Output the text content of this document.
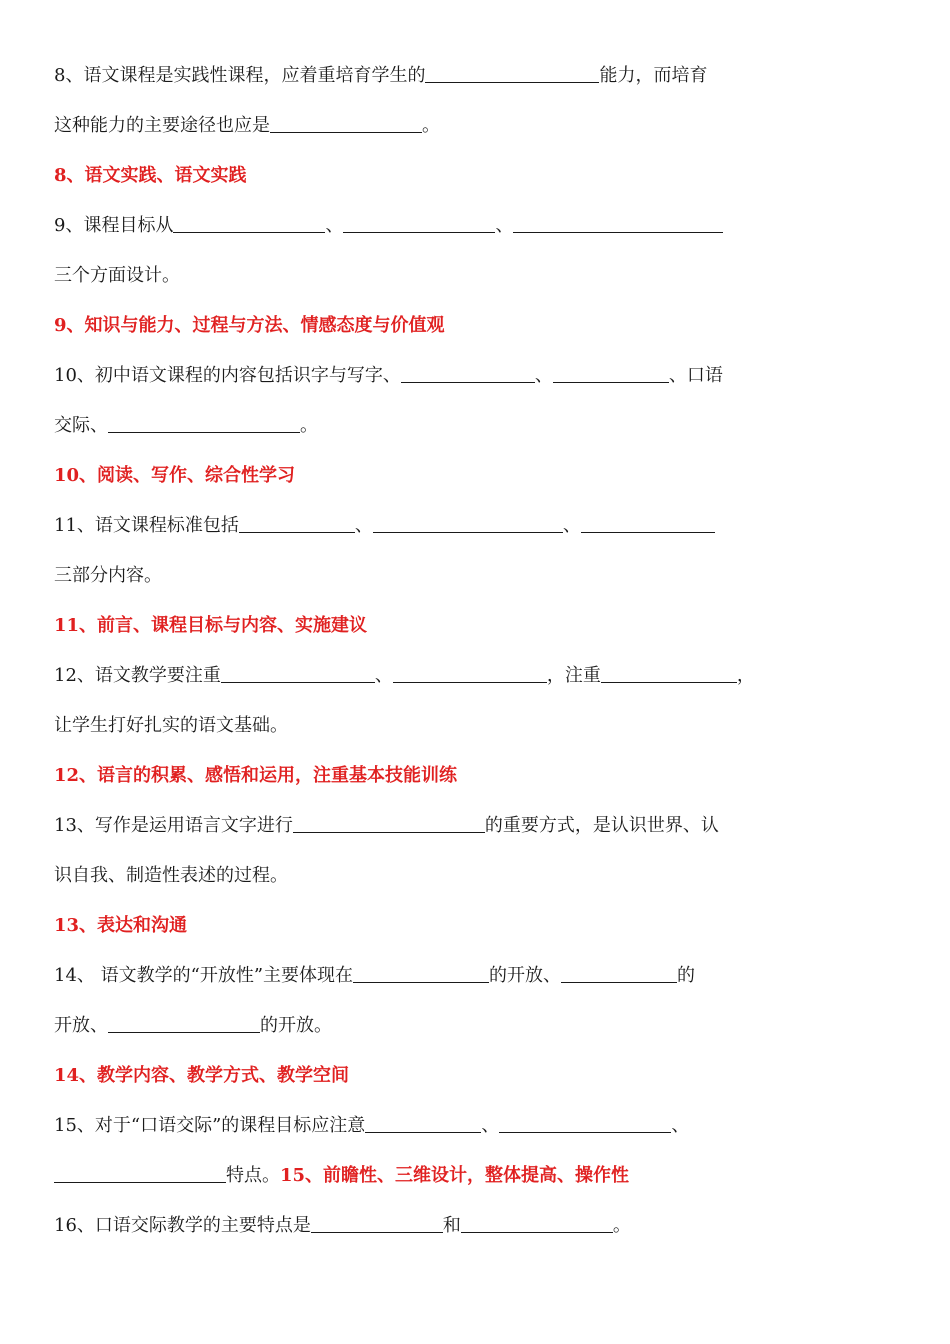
8、语文课程是实践性课程，应着重培育学生的	能力，而培育
这种能力的主要途径也应是	。
8、语文实践、语文实践
9、课程目标从	、	、
三个方面设计。
9、知识与能力、过程与方法、情感态度与价值观
10、初中语文课程的内容包括识字与写字、	、	、口语
交际、	。
10、阅读、写作、综合性学习
11、语文课程标准包括	、	、
三部分内容。
11、前言、课程目标与内容、实施建议
12、语文教学要注重	、	，注重	，
让学生打好扎实的语文基础。
12、语言的积累、感悟和运用，注重基本技能训练
13、写作是运用语言文字进行	的重要方式，是认识世界、认
识自我、制造性表述的过程。
13、表达和沟通
14、 语文教学的“开放性”主要体现在	的开放、	的
开放、	的开放。
14、教学内容、教学方式、教学空间
15、对于“口语交际”的课程目标应注意	、	、
特点。15、前瞻性、三维设计，整体提高、操作性
16、口语交际教学的主要特点是	和	。
